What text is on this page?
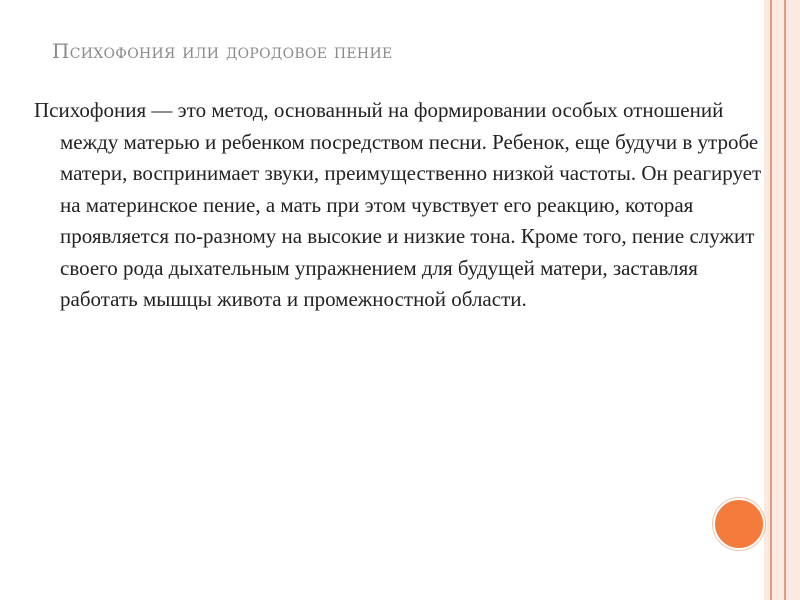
Психофония или дородовое пение

Психофония — это метод, основанный на формировании особых отношений между матерью и ребенком посредством песни. Ребенок, еще будучи в утробе матери, воспринимает звуки, преимущественно низкой частоты. Он реагирует на материнское пение, а мать при этом чувствует его реакцию, которая проявляется по-разному на высокие и низкие тона. Кроме того, пение служит своего рода дыхательным упражнением для будущей матери, заставляя работать мышцы живота и промежностной области.
